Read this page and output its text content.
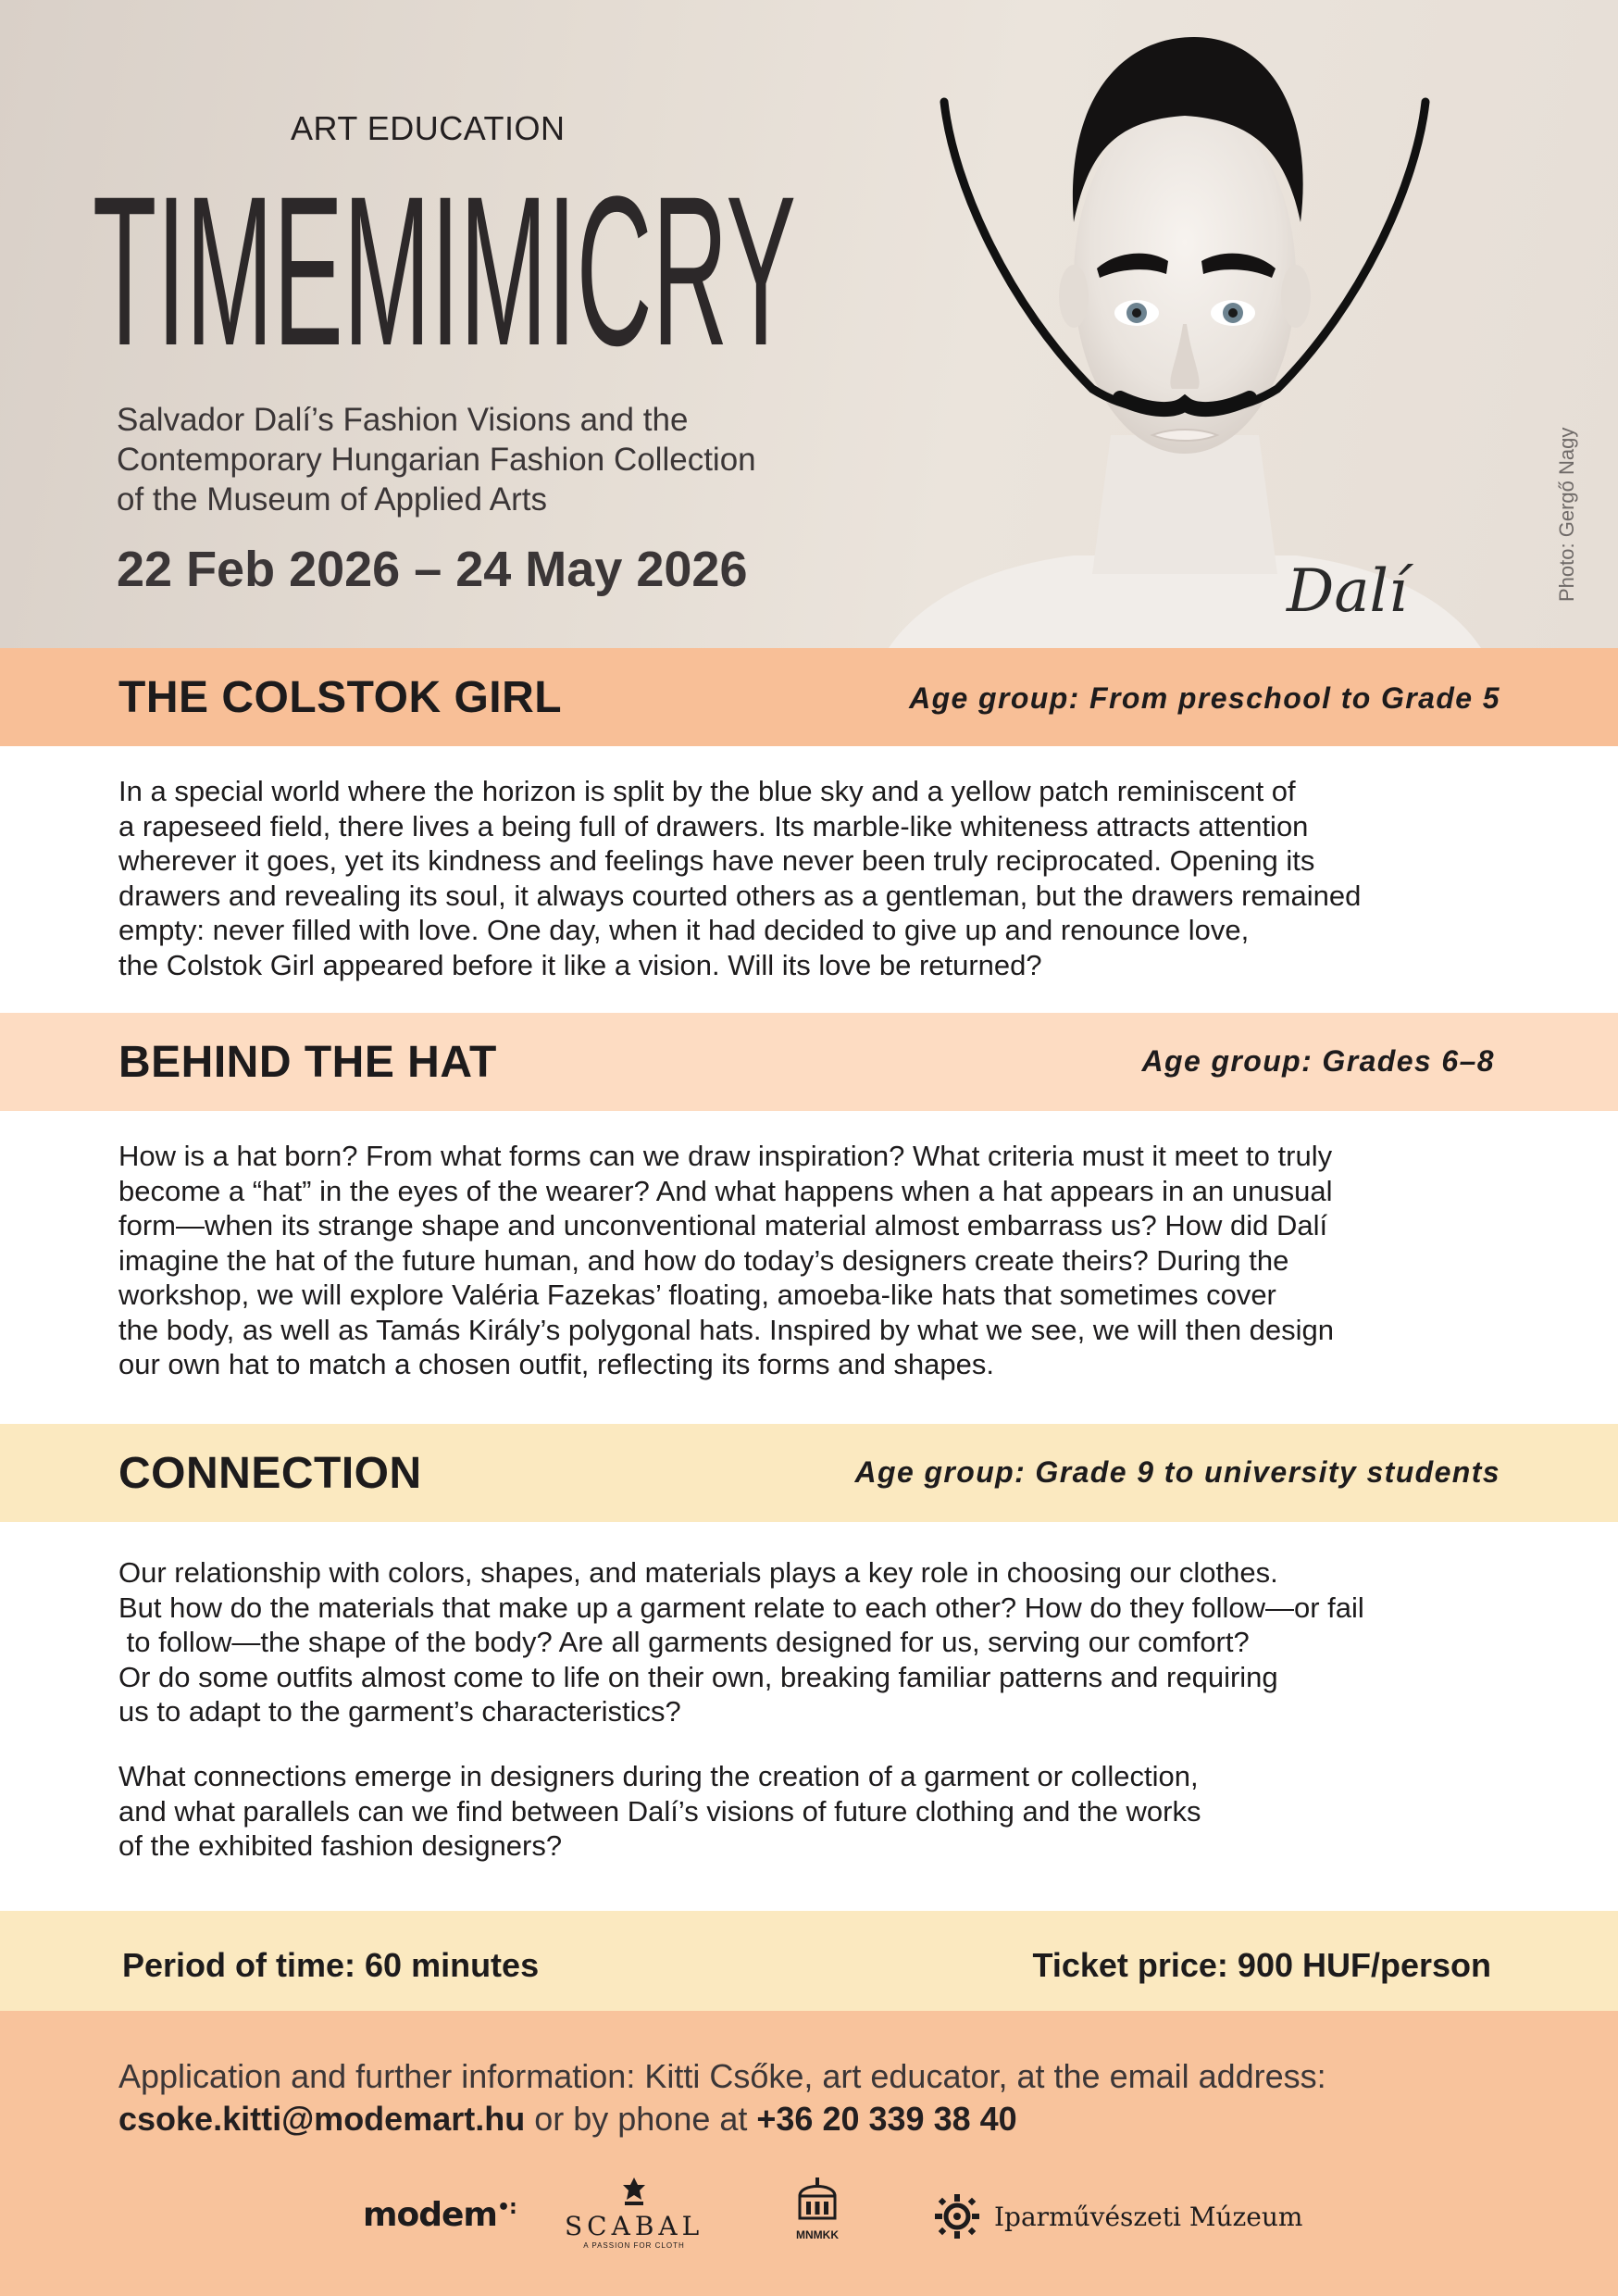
ART EDUCATION
TIMEMIMICRY
Salvador Dalí’s Fashion Visions and the
Contemporary Hungarian Fashion Collection
of the Museum of Applied Arts
22 Feb 2026 – 24 May 2026	Dalí	Photo: Gergő Nagy
THE COLSTOK GIRL	Age group: From preschool to Grade 5
In a special world where the horizon is split by the blue sky and a yellow patch reminiscent of
a rapeseed field, there lives a being full of drawers. Its marble-like whiteness attracts attention
wherever it goes, yet its kindness and feelings have never been truly reciprocated. Opening its
drawers and revealing its soul, it always courted others as a gentleman, but the drawers remained
empty: never filled with love. One day, when it had decided to give up and renounce love,
the Colstok Girl appeared before it like a vision. Will its love be returned?
BEHIND THE HAT	Age group: Grades 6–8
How is a hat born? From what forms can we draw inspiration? What criteria must it meet to truly
become a “hat” in the eyes of the wearer? And what happens when a hat appears in an unusual
form—when its strange shape and unconventional material almost embarrass us? How did Dalí
imagine the hat of the future human, and how do today’s designers create theirs? During the
workshop, we will explore Valéria Fazekas’ floating, amoeba-like hats that sometimes cover
the body, as well as Tamás Király’s polygonal hats. Inspired by what we see, we will then design
our own hat to match a chosen outfit, reflecting its forms and shapes.
CONNECTION	Age group: Grade 9 to university students
Our relationship with colors, shapes, and materials plays a key role in choosing our clothes.
But how do the materials that make up a garment relate to each other? How do they follow—or fail
to follow—the shape of the body? Are all garments designed for us, serving our comfort?
Or do some outfits almost come to life on their own, breaking familiar patterns and requiring
us to adapt to the garment’s characteristics?
What connections emerge in designers during the creation of a garment or collection,
and what parallels can we find between Dalí’s visions of future clothing and the works
of the exhibited fashion designers?
Period of time: 60 minutes	Ticket price: 900 HUF/person
Application and further information: Kitti Csőke, art educator, at the email address:
csoke.kitti@modemart.hu or by phone at +36 20 339 38 40
modem•:
SCABAL
A PASSION FOR CLOTH
MNMKK
Iparművészeti Múzeum
